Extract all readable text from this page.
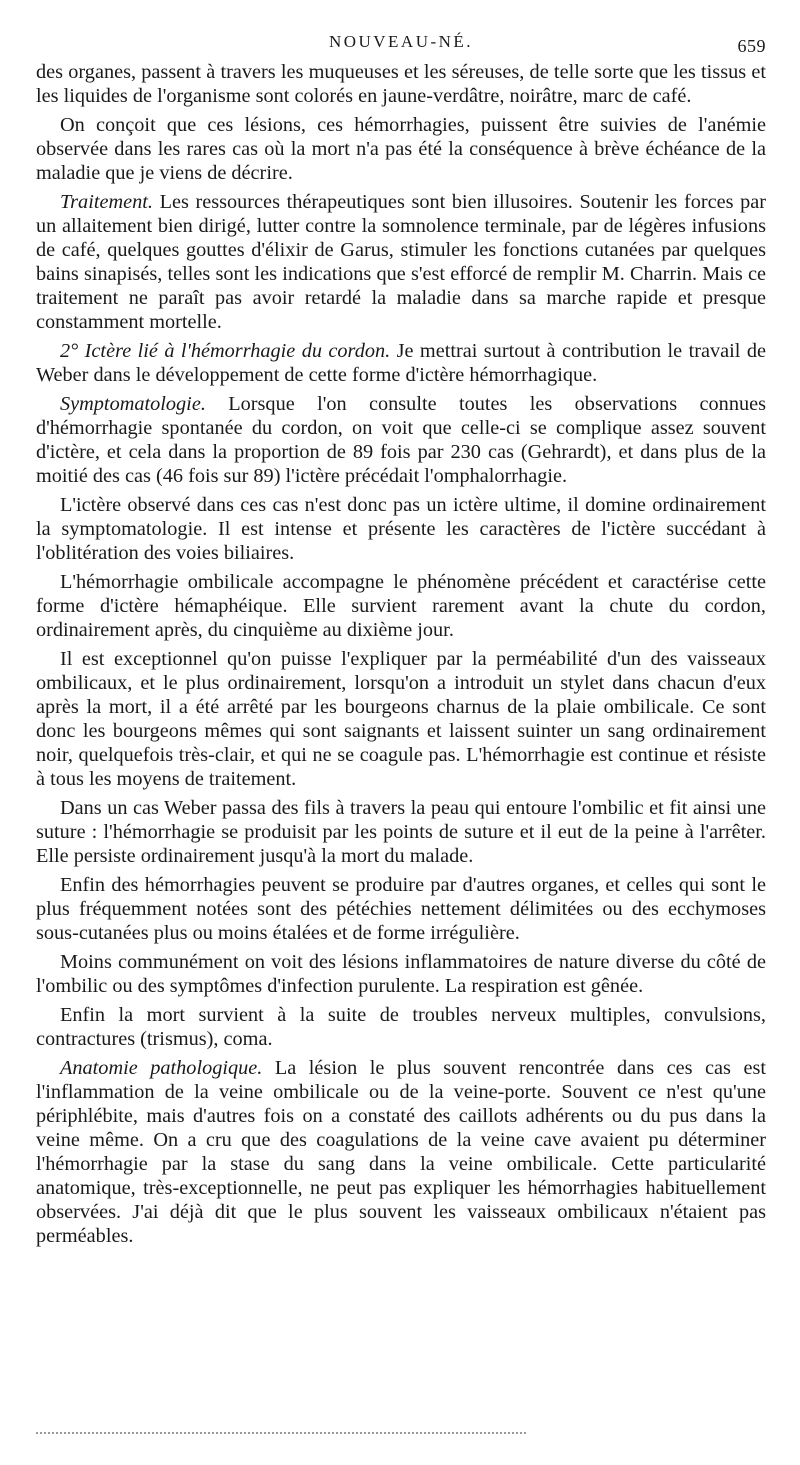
NOUVEAU-NÉ.	659

des organes, passent à travers les muqueuses et les séreuses, de telle sorte que les tissus et les liquides de l'organisme sont colorés en jaune-verdâtre, noirâtre, marc de café.

On conçoit que ces lésions, ces hémorrhagies, puissent être suivies de l'anémie observée dans les rares cas où la mort n'a pas été la conséquence à brève échéance de la maladie que je viens de décrire.

Traitement. Les ressources thérapeutiques sont bien illusoires. Soutenir les forces par un allaitement bien dirigé, lutter contre la somnolence terminale, par de légères infusions de café, quelques gouttes d'élixir de Garus, stimuler les fonctions cutanées par quelques bains sinapisés, telles sont les indications que s'est efforcé de remplir M. Charrin. Mais ce traitement ne paraît pas avoir retardé la maladie dans sa marche rapide et presque constamment mortelle.

2° Ictère lié à l'hémorrhagie du cordon. Je mettrai surtout à contribution le travail de Weber dans le développement de cette forme d'ictère hémorrhagique.

Symptomatologie. Lorsque l'on consulte toutes les observations connues d'hémorrhagie spontanée du cordon, on voit que celle-ci se complique assez souvent d'ictère, et cela dans la proportion de 89 fois par 230 cas (Gehrardt), et dans plus de la moitié des cas (46 fois sur 89) l'ictère précédait l'omphalorrhagie.

L'ictère observé dans ces cas n'est donc pas un ictère ultime, il domine ordinairement la symptomatologie. Il est intense et présente les caractères de l'ictère succédant à l'oblitération des voies biliaires.

L'hémorrhagie ombilicale accompagne le phénomène précédent et caractérise cette forme d'ictère hémaphéique. Elle survient rarement avant la chute du cordon, ordinairement après, du cinquième au dixième jour.

Il est exceptionnel qu'on puisse l'expliquer par la perméabilité d'un des vaisseaux ombilicaux, et le plus ordinairement, lorsqu'on a introduit un stylet dans chacun d'eux après la mort, il a été arrêté par les bourgeons charnus de la plaie ombilicale. Ce sont donc les bourgeons mêmes qui sont saignants et laissent suinter un sang ordinairement noir, quelquefois très-clair, et qui ne se coagule pas. L'hémorrhagie est continue et résiste à tous les moyens de traitement.

Dans un cas Weber passa des fils à travers la peau qui entoure l'ombilic et fit ainsi une suture : l'hémorrhagie se produisit par les points de suture et il eut de la peine à l'arrêter. Elle persiste ordinairement jusqu'à la mort du malade.

Enfin des hémorrhagies peuvent se produire par d'autres organes, et celles qui sont le plus fréquemment notées sont des pétéchies nettement délimitées ou des ecchymoses sous-cutanées plus ou moins étalées et de forme irrégulière.

Moins communément on voit des lésions inflammatoires de nature diverse du côté de l'ombilic ou des symptômes d'infection purulente. La respiration est gênée.

Enfin la mort survient à la suite de troubles nerveux multiples, convulsions, contractures (trismus), coma.

Anatomie pathologique. La lésion le plus souvent rencontrée dans ces cas est l'inflammation de la veine ombilicale ou de la veine-porte. Souvent ce n'est qu'une périphlébite, mais d'autres fois on a constaté des caillots adhérents ou du pus dans la veine même. On a cru que des coagulations de la veine cave avaient pu déterminer l'hémorrhagie par la stase du sang dans la veine ombilicale. Cette particularité anatomique, très-exceptionnelle, ne peut pas expliquer les hémorrhagies habituellement observées. J'ai déjà dit que le plus souvent les vaisseaux ombilicaux n'étaient pas perméables.
